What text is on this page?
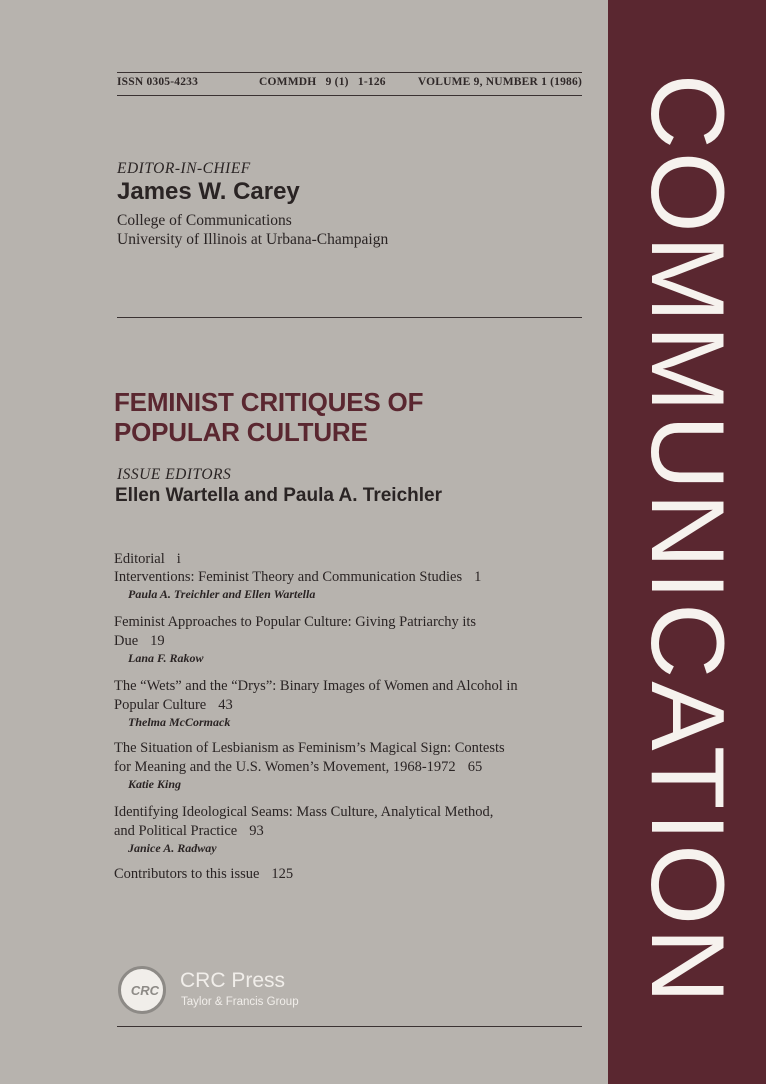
COMMUNICATION
ISSN 0305-4233	COMMDH   9 (1)   1-126	VOLUME 9, NUMBER 1 (1986)
EDITOR-IN-CHIEF
James W. Carey
College of Communications
University of Illinois at Urbana-Champaign
FEMINIST CRITIQUES OF
POPULAR CULTURE
ISSUE EDITORS
Ellen Wartella and Paula A. Treichler
Editorial i
Interventions: Feminist Theory and Communication Studies 1
Paula A. Treichler and Ellen Wartella
Feminist Approaches to Popular Culture: Giving Patriarchy its
Due 19
Lana F. Rakow
The “Wets” and the “Drys”: Binary Images of Women and Alcohol in
Popular Culture 43
Thelma McCormack
The Situation of Lesbianism as Feminism’s Magical Sign: Contests
for Meaning and the U.S. Women’s Movement, 1968-1972 65
Katie King
Identifying Ideological Seams: Mass Culture, Analytical Method,
and Political Practice 93
Janice A. Radway
Contributors to this issue 125
CRC CRC Press
Taylor & Francis Group
